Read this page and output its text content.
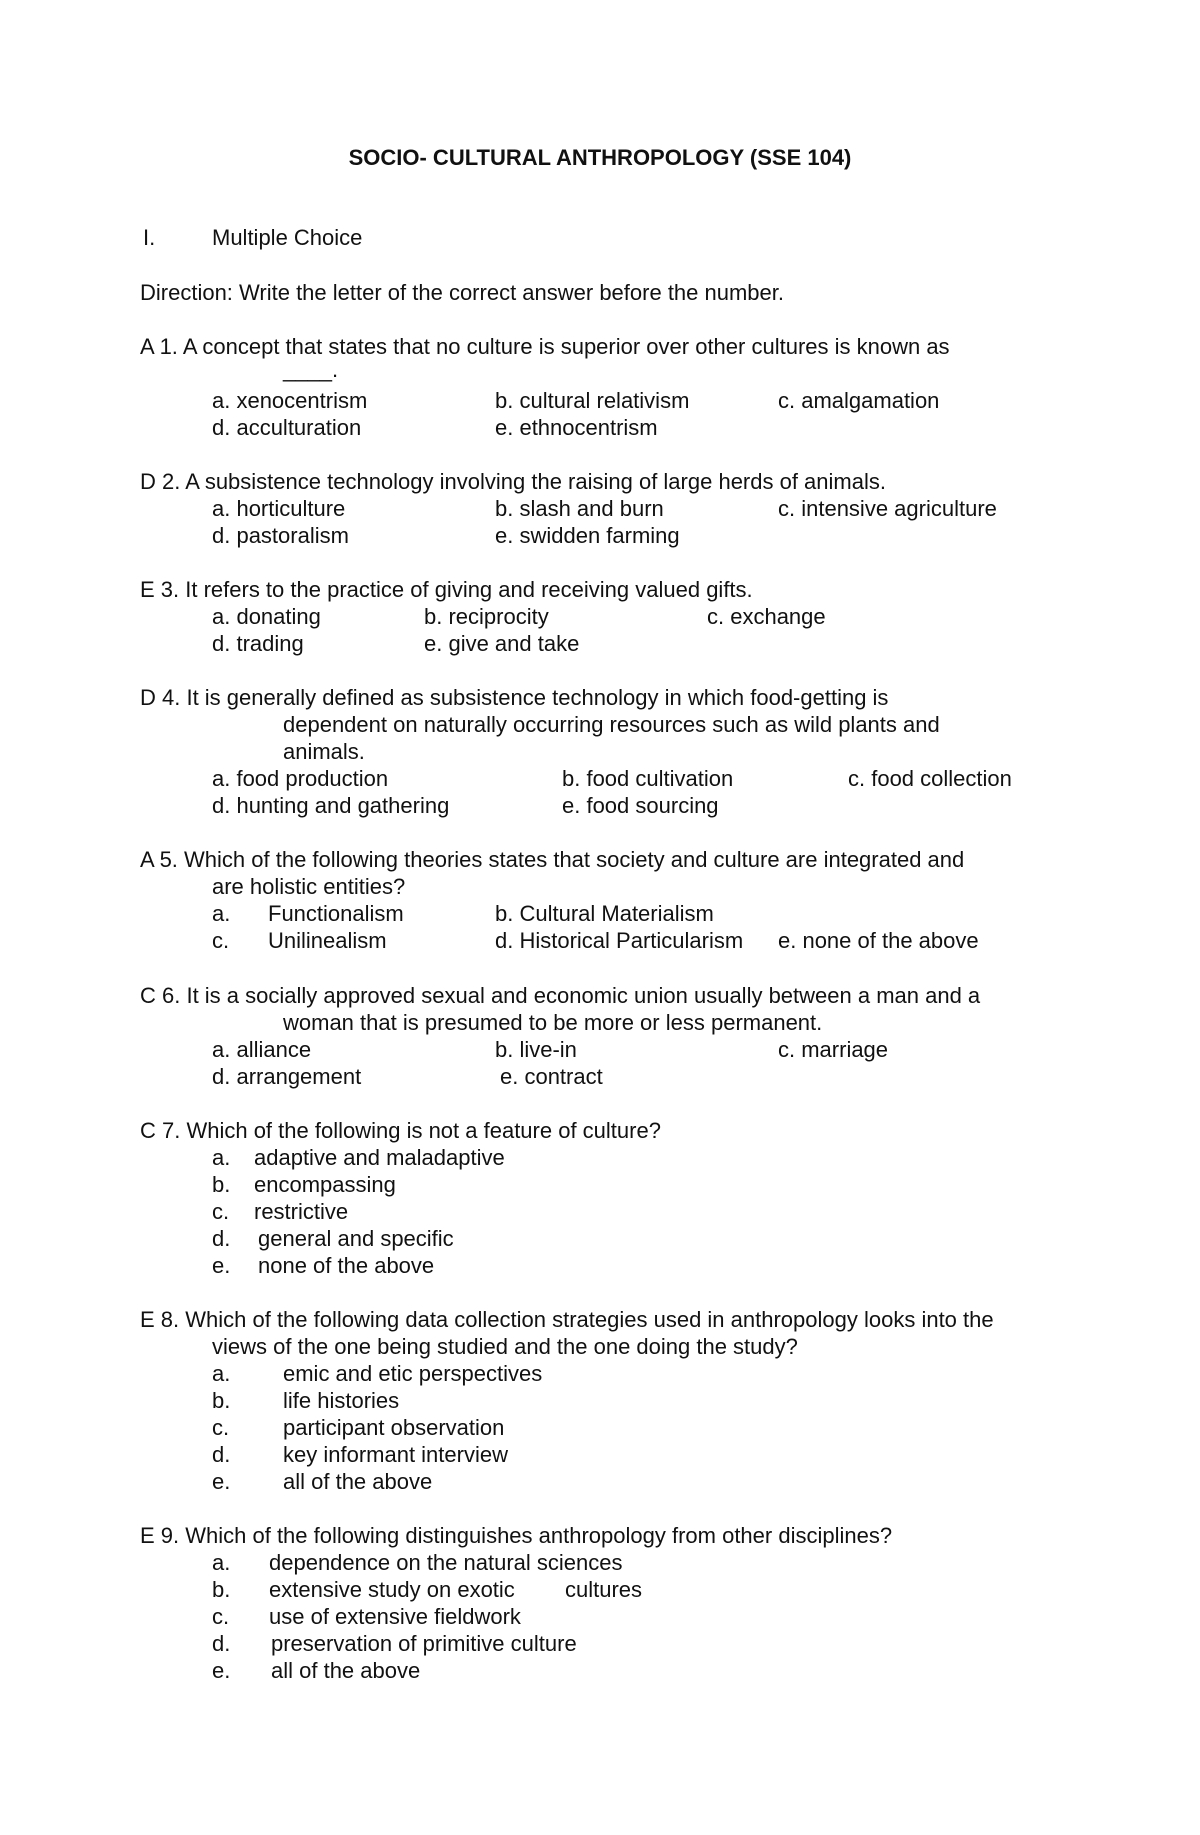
SOCIO- CULTURAL ANTHROPOLOGY (SSE 104)
I.	Multiple Choice
Direction: Write the letter of the correct answer before the number.
A 1. A concept that states that no culture is superior over other cultures is known as
____.
a. xenocentrism	b. cultural relativism	c. amalgamation
d. acculturation	e. ethnocentrism
D 2. A subsistence technology involving the raising of large herds of animals.
a. horticulture	b. slash and burn	c. intensive agriculture
d. pastoralism	e. swidden farming
E 3. It refers to the practice of giving and receiving valued gifts.
a. donating	b. reciprocity	c. exchange
d. trading	e. give and take
D 4. It is generally defined as subsistence technology in which food-getting is
dependent on naturally occurring resources such as wild plants and
animals.
a. food production	b. food cultivation	c. food collection
d. hunting and gathering	e. food sourcing
A 5. Which of the following theories states that society and culture are integrated and
are holistic entities?
a. Functionalism	b. Cultural Materialism
c. Unilinealism	d. Historical Particularism e. none of the above
C 6. It is a socially approved sexual and economic union usually between a man and a
woman that is presumed to be more or less permanent.
a. alliance	b. live-in	c. marriage
d. arrangement	e. contract
C 7. Which of the following is not a feature of culture?
a. adaptive and maladaptive
b. encompassing
c. restrictive
d. general and specific
e. none of the above
E 8. Which of the following data collection strategies used in anthropology looks into the
views of the one being studied and the one doing the study?
a. emic and etic perspectives
b. life histories
c. participant observation
d. key informant interview
e. all of the above
E 9. Which of the following distinguishes anthropology from other disciplines?
a. dependence on the natural sciences
b. extensive study on exotic cultures
c. use of extensive fieldwork
d. preservation of primitive culture
e. all of the above
